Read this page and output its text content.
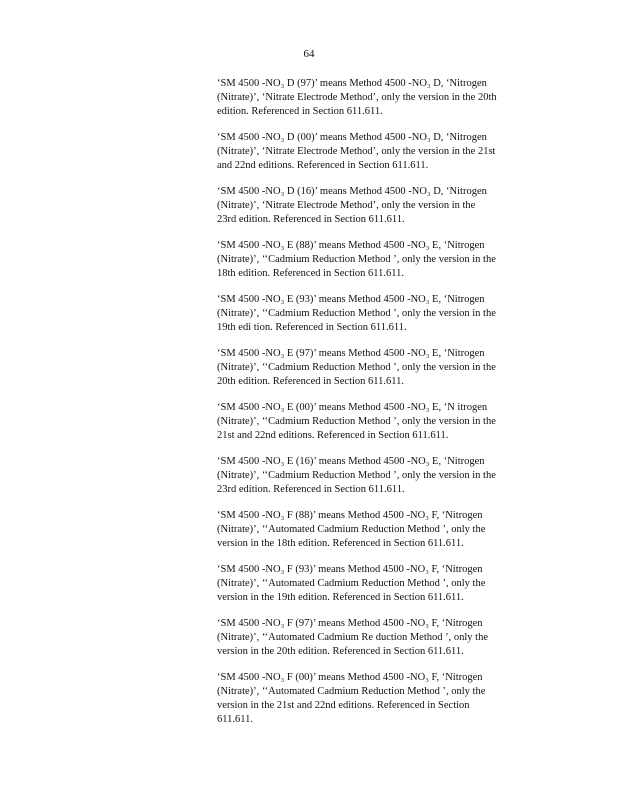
64

‘SM 4500 -NO₃ D (97)’ means Method 4500 -NO₃ D, ‘Nitrogen
(Nitrate)’, ‘Nitrate Electrode Method’, only the version in the 20th
edition. Referenced in Section 611.611.

‘SM 4500 -NO₃ D (00)’ means Method 4500 -NO₃ D, ‘Nitrogen
(Nitrate)’, ‘Nitrate Electrode Method’, only the version in the 21st
and 22nd editions. Referenced in Section 611.611.

‘SM 4500 -NO₃ D (16)’ means Method 4500 -NO₃ D, ‘Nitrogen
(Nitrate)’, ‘Nitrate Electrode Method’, only the version in the
23rd edition. Referenced in Section 611.611.

‘SM 4500 -NO₃ E (88)’ means Method 4500 -NO₃ E, ‘Nitrogen
(Nitrate)’, ‘‘Cadmium Reduction Method ’, only the version in the
18th edition. Referenced in Section 611.611.

‘SM 4500 -NO₃ E (93)’ means Method 4500 -NO₃ E, ‘Nitrogen
(Nitrate)’, ‘‘Cadmium Reduction Method ’, only the version in the
19th edi tion. Referenced in Section 611.611.

‘SM 4500 -NO₃ E (97)’ means Method 4500 -NO₃ E, ‘Nitrogen
(Nitrate)’, ‘‘Cadmium Reduction Method ’, only the version in the
20th edition. Referenced in Section 611.611.

‘SM 4500 -NO₃ E (00)’ means Method 4500 -NO₃ E, ‘N itrogen
(Nitrate)’, ‘‘Cadmium Reduction Method ’, only the version in the
21st and 22nd editions. Referenced in Section 611.611.

‘SM 4500 -NO₃ E (16)’ means Method 4500 -NO₃ E, ‘Nitrogen
(Nitrate)’, ‘‘Cadmium Reduction Method ’, only the version in the
23rd edition. Referenced in Section 611.611.

‘SM 4500 -NO₃ F (88)’ means Method 4500 -NO₃ F, ‘Nitrogen
(Nitrate)’, ‘‘Automated Cadmium Reduction Method ’, only the
version in the 18th edition. Referenced in Section 611.611.

‘SM 4500 -NO₃ F (93)’ means Method 4500 -NO₃ F, ‘Nitrogen
(Nitrate)’, ‘‘Automated Cadmium Reduction Method ’, only the
version in the 19th edition. Referenced in Section 611.611.

‘SM 4500 -NO₃ F (97)’ means Method 4500 -NO₃ F, ‘Nitrogen
(Nitrate)’, ‘‘Automated Cadmium Re duction Method ’, only the
version in the 20th edition. Referenced in Section 611.611.

‘SM 4500 -NO₃ F (00)’ means Method 4500 -NO₃ F, ‘Nitrogen
(Nitrate)’, ‘‘Automated Cadmium Reduction Method ’, only the
version in the 21st and 22nd editions. Referenced in Section
611.611.
